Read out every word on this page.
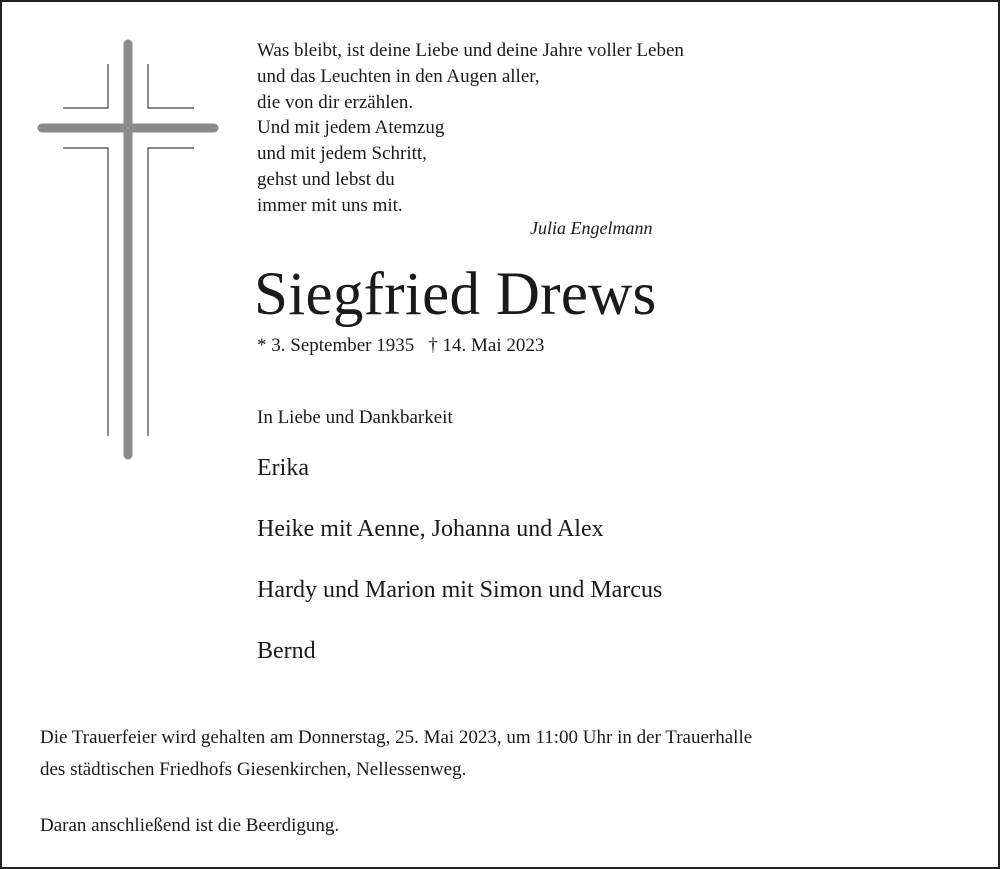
Was bleibt, ist deine Liebe und deine Jahre voller Leben
und das Leuchten in den Augen aller,
die von dir erzählen.
Und mit jedem Atemzug
und mit jedem Schritt,
gehst und lebst du
immer mit uns mit.
Julia Engelmann
Siegfried Drews
* 3. September 1935 † 14. Mai 2023
In Liebe und Dankbarkeit
Erika
Heike mit Aenne, Johanna und Alex
Hardy und Marion mit Simon und Marcus
Bernd
Die Trauerfeier wird gehalten am Donnerstag, 25. Mai 2023, um 11:00 Uhr in der Trauerhalle
des städtischen Friedhofs Giesenkirchen, Nellessenweg.
Daran anschließend ist die Beerdigung.
